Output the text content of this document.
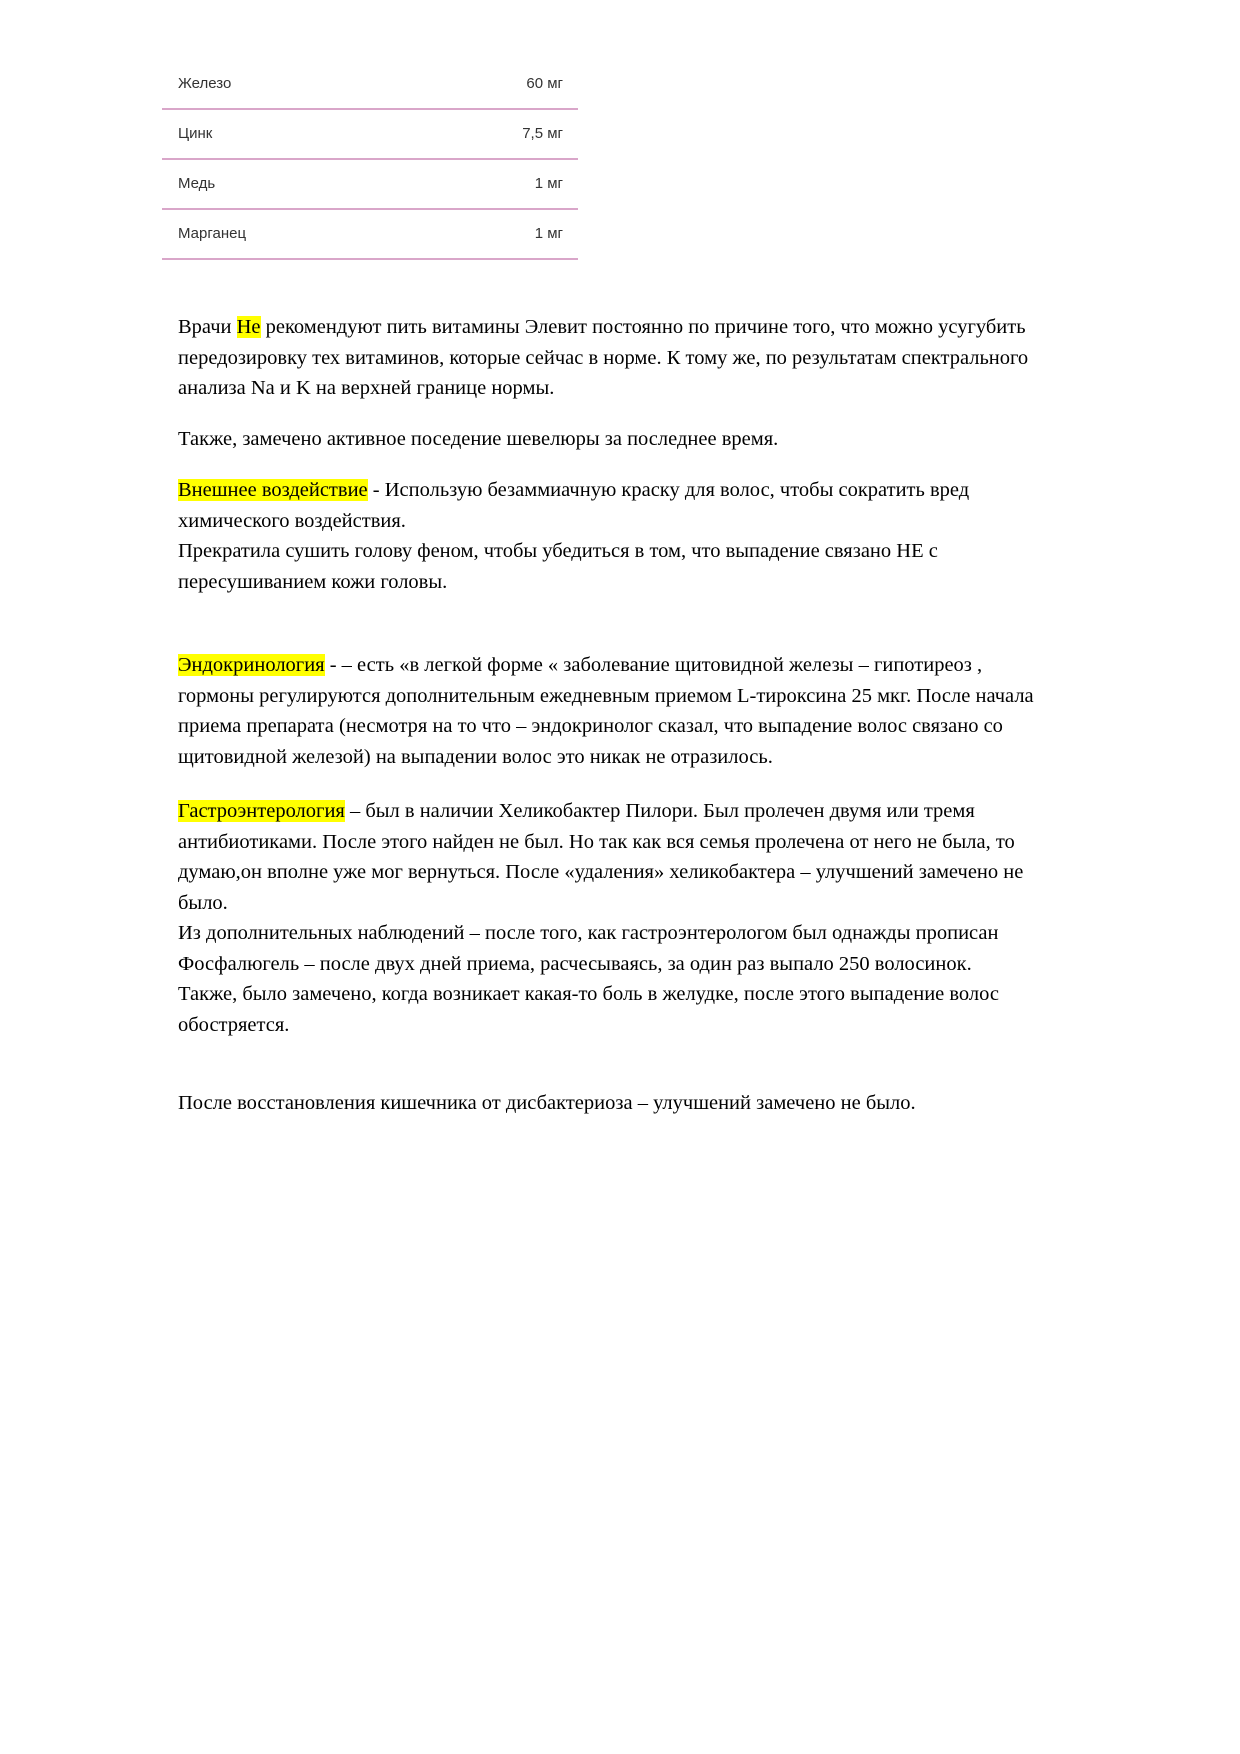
Железо	60 мг
Цинк	7,5 мг
Медь	1 мг
Марганец	1 мг
Врачи Не рекомендуют пить витамины Элевит постоянно по причине того, что можно усугубить
передозировку тех витаминов, которые сейчас в норме. К тому же, по результатам спектрального
анализа Na и K на верхней границе нормы.
Также, замечено активное поседение шевелюры за последнее время.
Внешнее воздействие - Использую безаммиачную краску для волос, чтобы сократить вред
химического воздействия.
Прекратила сушить голову феном, чтобы убедиться в том, что выпадение связано НЕ с
пересушиванием кожи головы.
Эндокринология - – есть «в легкой форме « заболевание щитовидной железы – гипотиреоз ,
гормоны регулируются дополнительным ежедневным приемом L-тироксина 25 мкг. После начала
приема препарата (несмотря на то что – эндокринолог сказал, что выпадение волос связано со
щитовидной железой) на выпадении волос это никак не отразилось.
Гастроэнтерология – был в наличии Хеликобактер Пилори. Был пролечен двумя или тремя
антибиотиками. После этого найден не был. Но так как вся семья пролечена от него не была, то
думаю,он вполне уже мог вернуться. После «удаления» хеликобактера – улучшений замечено не
было.
Из дополнительных наблюдений – после того, как гастроэнтерологом был однажды прописан
Фосфалюгель – после двух дней приема, расчесываясь, за один раз выпало 250 волосинок.
Также, было замечено, когда возникает какая-то боль в желудке, после этого выпадение волос
обостряется.
После восстановления кишечника от дисбактериоза – улучшений замечено не было.
